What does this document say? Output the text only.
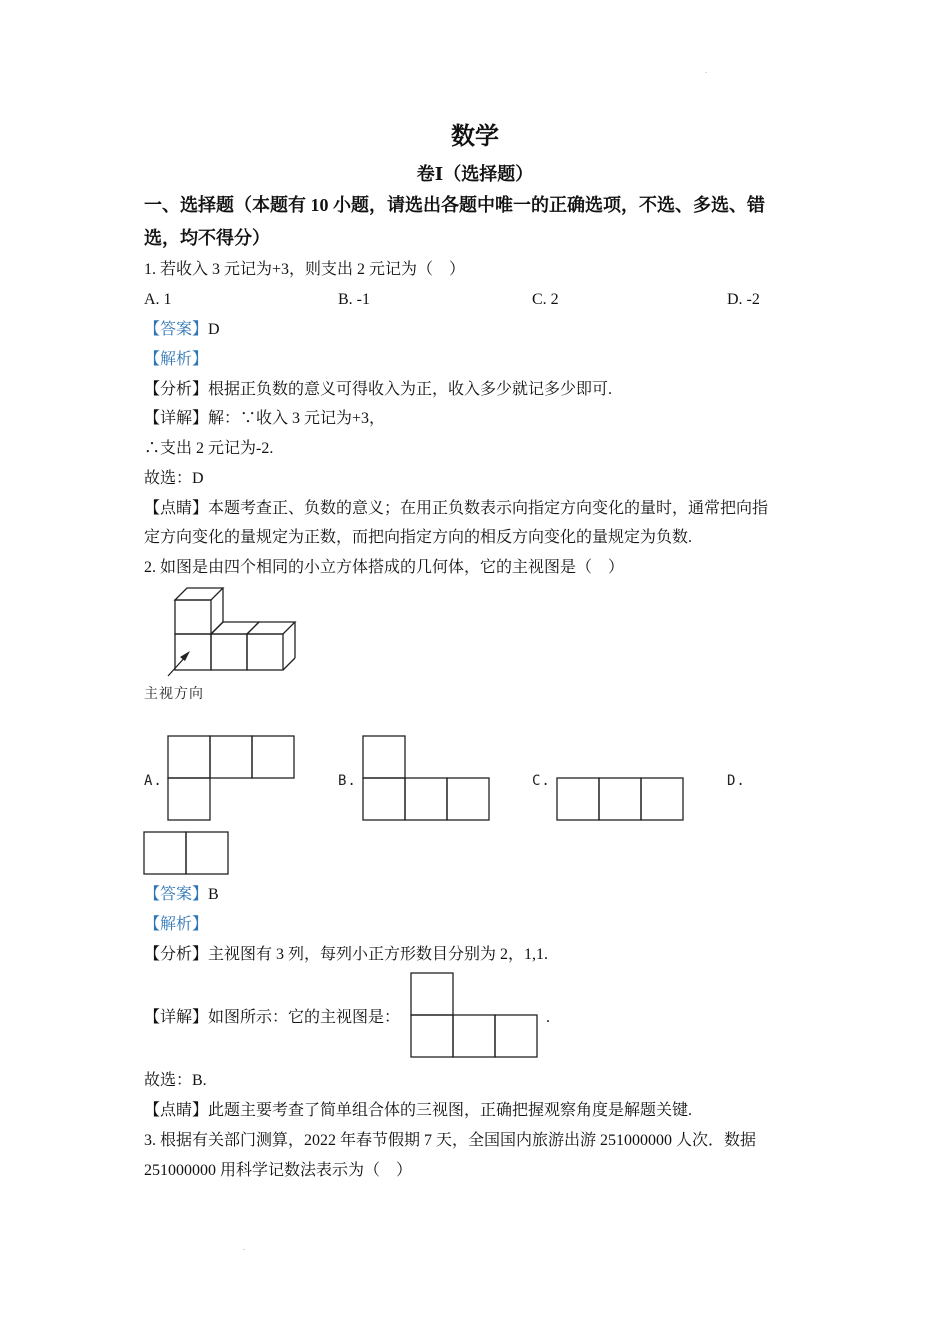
.
数学
卷Ⅰ（选择题）
一、选择题（本题有 10 小题，请选出各题中唯一的正确选项，不选、多选、错
选，均不得分）
1. 若收入 3 元记为+3，则支出 2 元记为（　）
A. 1	B. -1	C. 2	D. -2
【答案】D
【解析】
【分析】根据正负数的意义可得收入为正，收入多少就记多少即可.
【详解】解：∵收入 3 元记为+3，
∴支出 2 元记为-2.
故选：D
【点睛】本题考查正、负数的意义；在用正负数表示向指定方向变化的量时，通常把向指
定方向变化的量规定为正数，而把向指定方向的相反方向变化的量规定为负数.
2. 如图是由四个相同的小立方体搭成的几何体，它的主视图是（　）
主视方向
A.	B.	C.	D.
【答案】B
【解析】
【分析】主视图有 3 列，每列小正方形数目分别为 2，1,1.
【详解】如图所示：它的主视图是：	.
故选：B.
【点睛】此题主要考查了简单组合体的三视图，正确把握观察角度是解题关键.
3. 根据有关部门测算，2022 年春节假期 7 天，全国国内旅游出游 251000000 人次．数据
251000000 用科学记数法表示为（　）
.
